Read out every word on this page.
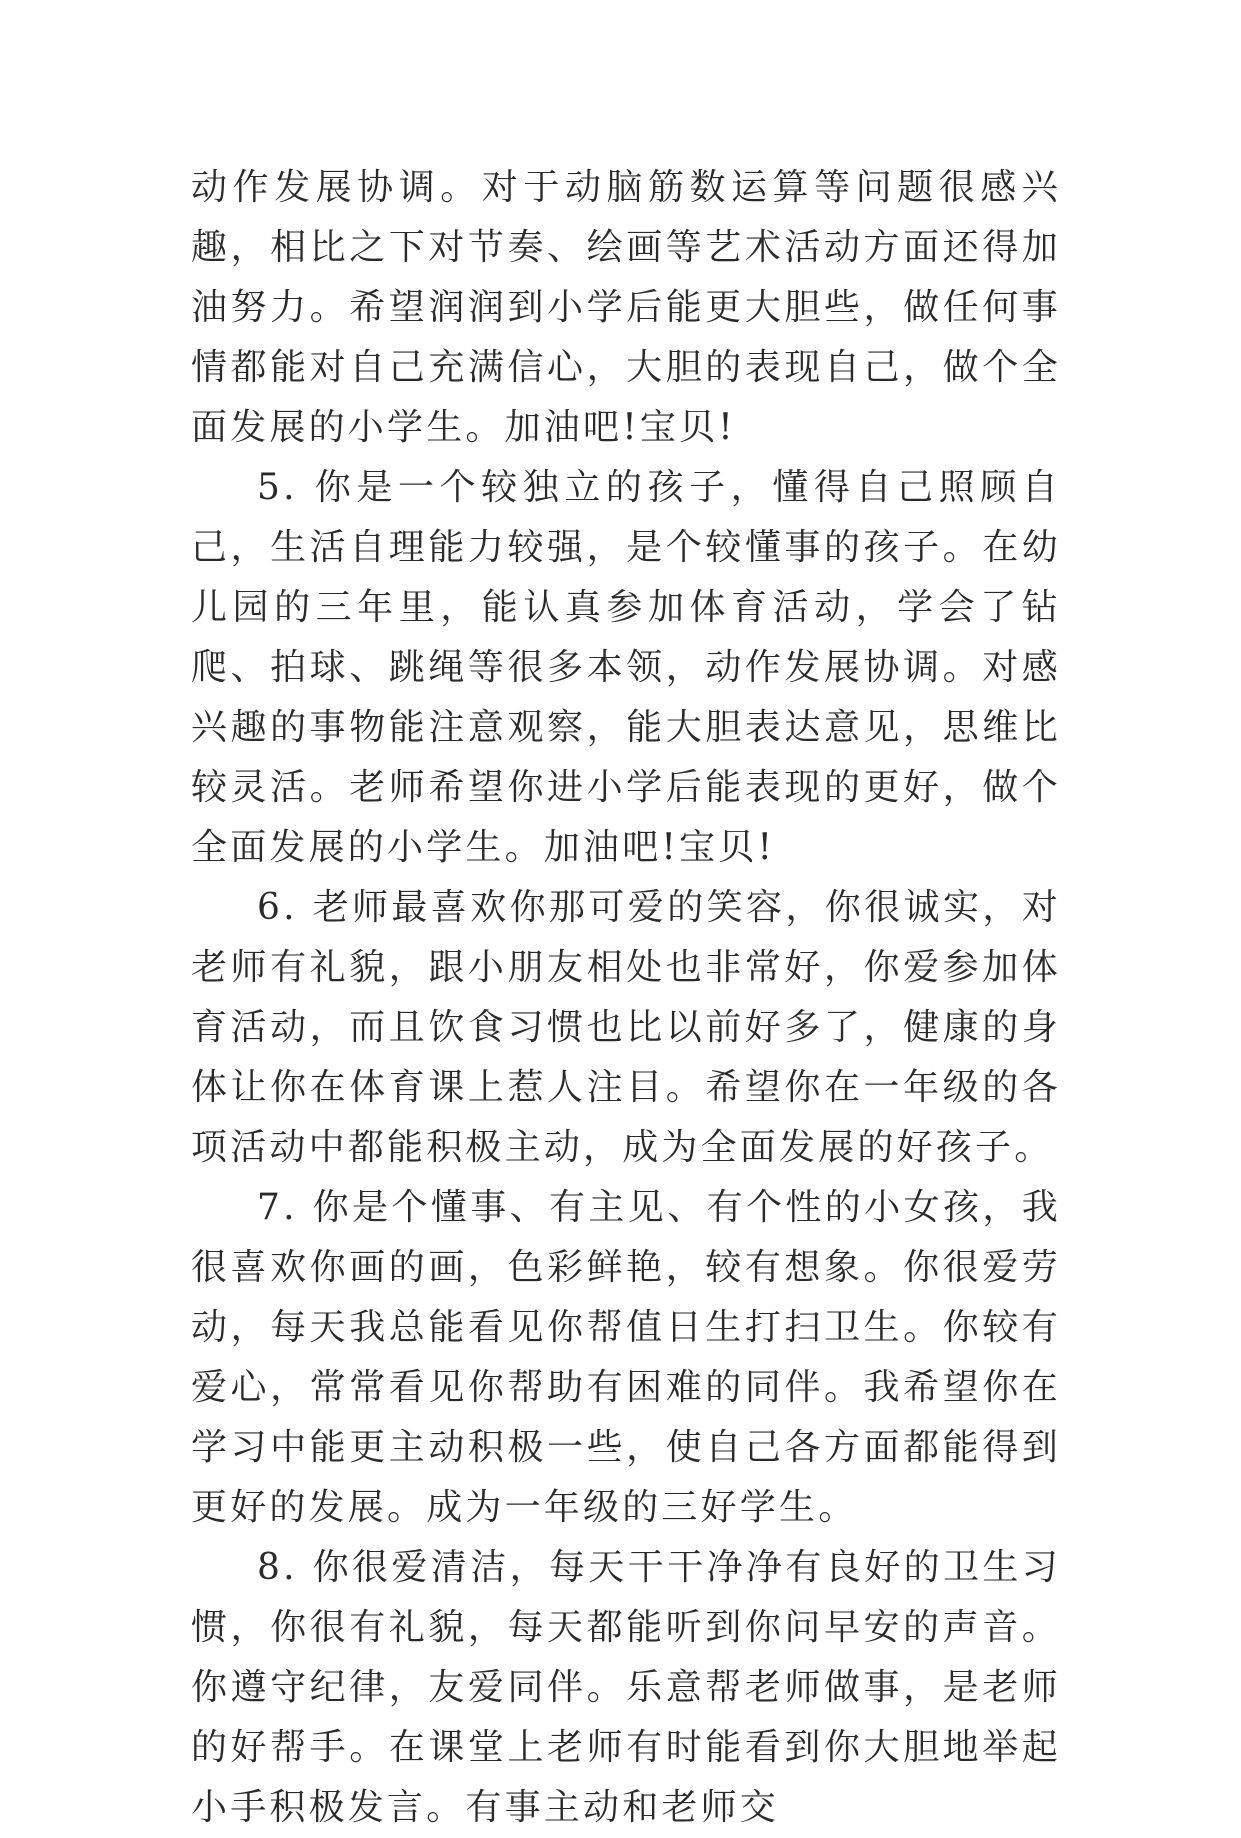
动作发展协调。对于动脑筋数运算等问题很感兴趣，相比之下对节奏、绘画等艺术活动方面还得加油努力。希望润润到小学后能更大胆些，做任何事情都能对自己充满信心，大胆的表现自己，做个全面发展的小学生。加油吧!宝贝!

5. 你是一个较独立的孩子，懂得自己照顾自己，生活自理能力较强，是个较懂事的孩子。在幼儿园的三年里，能认真参加体育活动，学会了钻爬、拍球、跳绳等很多本领，动作发展协调。对感兴趣的事物能注意观察，能大胆表达意见，思维比较灵活。老师希望你进小学后能表现的更好，做个全面发展的小学生。加油吧!宝贝!

6. 老师最喜欢你那可爱的笑容，你很诚实，对老师有礼貌，跟小朋友相处也非常好，你爱参加体育活动，而且饮食习惯也比以前好多了，健康的身体让你在体育课上惹人注目。希望你在一年级的各项活动中都能积极主动，成为全面发展的好孩子。

7. 你是个懂事、有主见、有个性的小女孩，我很喜欢你画的画，色彩鲜艳，较有想象。你很爱劳动，每天我总能看见你帮值日生打扫卫生。你较有爱心，常常看见你帮助有困难的同伴。我希望你在学习中能更主动积极一些，使自己各方面都能得到更好的发展。成为一年级的三好学生。

8. 你很爱清洁，每天干干净净有良好的卫生习惯，你很有礼貌，每天都能听到你问早安的声音。你遵守纪律，友爱同伴。乐意帮老师做事，是老师的好帮手。在课堂上老师有时能看到你大胆地举起小手积极发言。有事主动和老师交
